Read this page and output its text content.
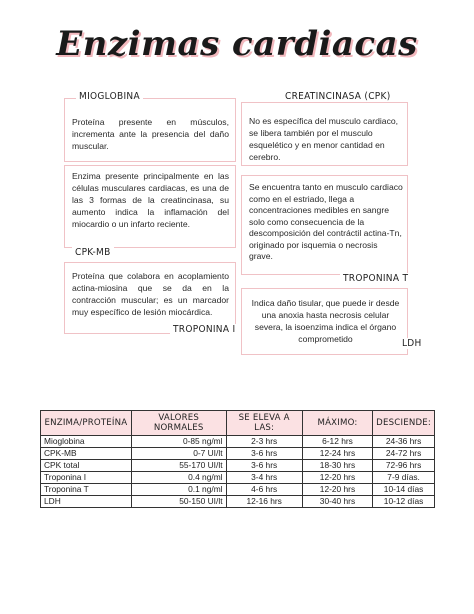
Enzimas cardiacas
Proteína presente en músculos, incrementa ante la presencia del daño muscular.
MIOGLOBINA
No es específica del musculo cardiaco, se libera también por el musculo esquelético y en menor cantidad en cerebro.
CREATINCINASA (CPK)
Enzima presente principalmente en las células musculares cardiacas, es una de las 3 formas de la creatincinasa, su aumento indica la inflamación del miocardio o un infarto reciente.
CPK-MB
Se encuentra tanto en musculo cardiaco como en el estriado, llega a concentraciones medibles en sangre solo como consecuencia de la descomposición del contráctil actina-Tn, originado por isquemia o necrosis grave.
TROPONINA T
Proteína que colabora en acoplamiento actina-miosina que se da en la contracción muscular; es un marcador muy específico de lesión miocárdica.
TROPONINA I
Indica daño tisular, que puede ir desde una anoxia hasta necrosis celular severa, la isoenzima indica el órgano comprometido	LDH
ENZIMA/PROTEÍNA	VALORES NORMALES	SE ELEVA A LAS:	MÁXIMO:	DESCIENDE:
Mioglobina	0-85 ng/ml	2-3 hrs	6-12 hrs	24-36 hrs
CPK-MB	0-7 UI/lt	3-6 hrs	12-24 hrs	24-72 hrs
CPK total	55-170 UI/lt	3-6 hrs	18-30 hrs	72-96 hrs
Troponina I	0.4 ng/ml	3-4 hrs	12-20 hrs	7-9 días.
Troponina T	0.1 ng/ml	4-6 hrs	12-20 hrs	10-14 días
LDH	50-150 UI/lt	12-16 hrs	30-40 hrs	10-12 días
